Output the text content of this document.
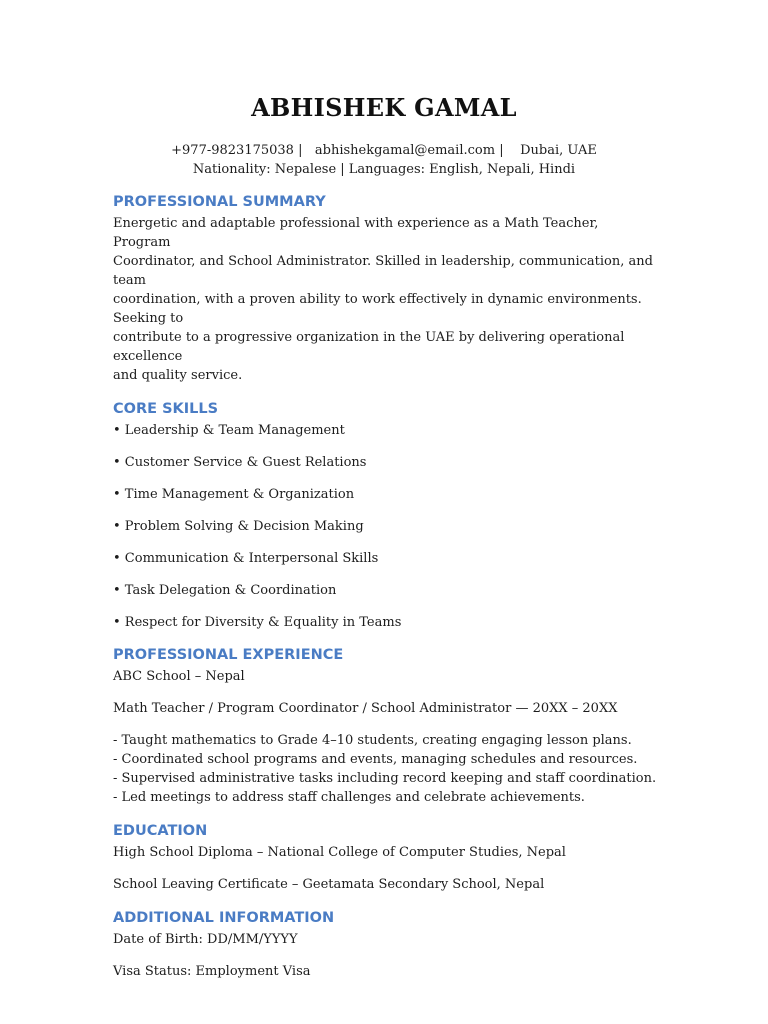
ABHISHEK GAMAL
+977-9823175038 |   abhishekgamal@email.com |    Dubai, UAE
Nationality: Nepalese | Languages: English, Nepali, Hindi
PROFESSIONAL SUMMARY

Energetic and adaptable professional with experience as a Math Teacher, Program

Coordinator, and School Administrator. Skilled in leadership, communication, and team

coordination, with a proven ability to work effectively in dynamic environments. Seeking to

contribute to a progressive organization in the UAE by delivering operational excellence

and quality service.

CORE SKILLS

• Leadership & Team Management

• Customer Service & Guest Relations

• Time Management & Organization

• Problem Solving & Decision Making

• Communication & Interpersonal Skills

• Task Delegation & Coordination

• Respect for Diversity & Equality in Teams

PROFESSIONAL EXPERIENCE

ABC School – Nepal

Math Teacher / Program Coordinator / School Administrator — 20XX – 20XX

- Taught mathematics to Grade 4–10 students, creating engaging lesson plans.

- Coordinated school programs and events, managing schedules and resources.

- Supervised administrative tasks including record keeping and staff coordination.

- Led meetings to address staff challenges and celebrate achievements.

EDUCATION

High School Diploma – National College of Computer Studies, Nepal

School Leaving Certificate – Geetamata Secondary School, Nepal

ADDITIONAL INFORMATION

Date of Birth: DD/MM/YYYY

Visa Status: Employment Visa
